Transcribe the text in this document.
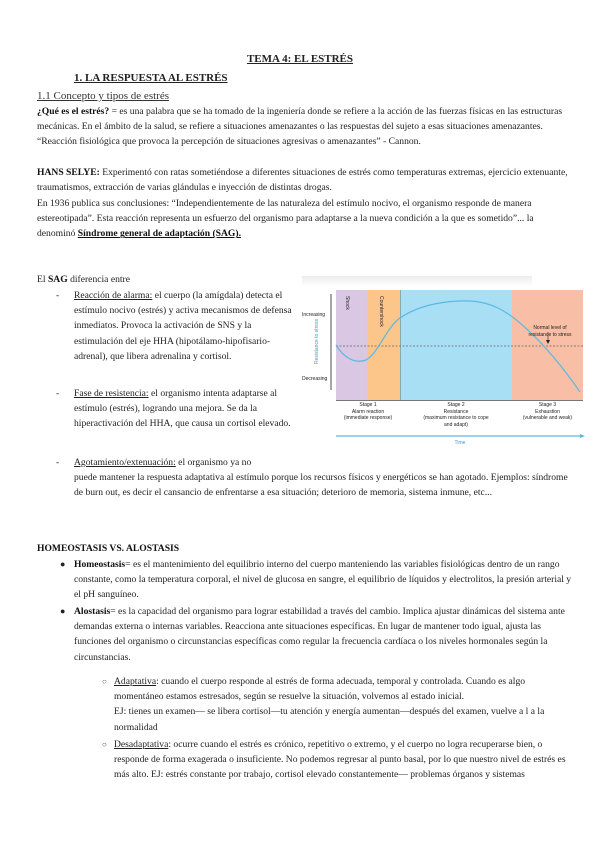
TEMA 4: EL ESTRÉS
1. LA RESPUESTA AL ESTRÉS
1.1 Concepto y tipos de estrés
¿Qué es el estrés? = es una palabra que se ha tomado de la ingeniería donde se refiere a la acción de las fuerzas físicas en las estructuras mecánicas. En el ámbito de la salud, se refiere a situaciones amenazantes o las respuestas del sujeto a esas situaciones amenazantes. “Reacción fisiológica que provoca la percepción de situaciones agresivas o amenazantes” - Cannon.
HANS SELYE: Experimentó con ratas sometiéndose a diferentes situaciones de estrés como temperaturas extremas, ejercicio extenuante, traumatismos, extracción de varias glándulas e inyección de distintas drogas.
En 1936 publica sus conclusiones: “Independientemente de las naturaleza del estímulo nocivo, el organismo responde de manera estereotipada”. Esta reacción representa un esfuerzo del organismo para adaptarse a la nueva condición a la que es sometido”... la denominó Síndrome general de adaptación (SAG).
El SAG diferencia entre
- Reacción de alarma: el cuerpo (la amígdala) detecta el estímulo nocivo (estrés) y activa mecanismos de defensa inmediatos. Provoca la activación de SNS y la estimulación del eje HHA (hipotálamo-hipofisario-adrenal), que libera adrenalina y cortisol.
- Fase de resistencia: el organismo intenta adaptarse al estímulo (estrés), logrando una mejora. Se da la hiperactivación del HHA, que causa un cortisol elevado.
- Agotamiento/extenuación: el organismo ya no
puede mantener la respuesta adaptativa al estímulo porque los recursos físicos y energéticos se han agotado. Ejemplos: síndrome de burn out, es decir el cansancio de enfrentarse a esa situación; deterioro de memoria, sistema inmune, etc...
Increasing
Decreasing
Resistance to stress
Shock	Countershock
Normal level of resistance to stress
Stage 1
Alarm reaction
(immediate response)
Stage 2
Resistance
(maximum resistance to cope and adapt)
Stage 3
Exhaustion
(vulnerable and weak)
Time
HOMEOSTASIS VS. ALOSTASIS
● Homeostasis= es el mantenimiento del equilibrio interno del cuerpo manteniendo las variables fisiológicas dentro de un rango constante, como la temperatura corporal, el nivel de glucosa en sangre, el equilibrio de líquidos y electrolitos, la presión arterial y el pH sanguíneo.
● Alostasis= es la capacidad del organismo para lograr estabilidad a través del cambio. Implica ajustar dinámicas del sistema ante demandas externa o internas variables. Reacciona ante situaciones específicas. En lugar de mantener todo igual, ajusta las funciones del organismo o circunstancias específicas como regular la frecuencia cardíaca o los niveles hormonales según la circunstancias.
○ Adaptativa: cuando el cuerpo responde al estrés de forma adecuada, temporal y controlada. Cuando es algo momentáneo estamos estresados, según se resuelve la situación, volvemos al estado inicial.
EJ: tienes un examen— se libera cortisol—tu atención y energía aumentan—después del examen, vuelve a l a la normalidad
○ Desadaptativa: ocurre cuando el estrés es crónico, repetitivo o extremo, y el cuerpo no logra recuperarse bien, o responde de forma exagerada o insuficiente. No podemos regresar al punto basal, por lo que nuestro nivel de estrés es más alto. EJ: estrés constante por trabajo, cortisol elevado constantemente— problemas órganos y sistemas
